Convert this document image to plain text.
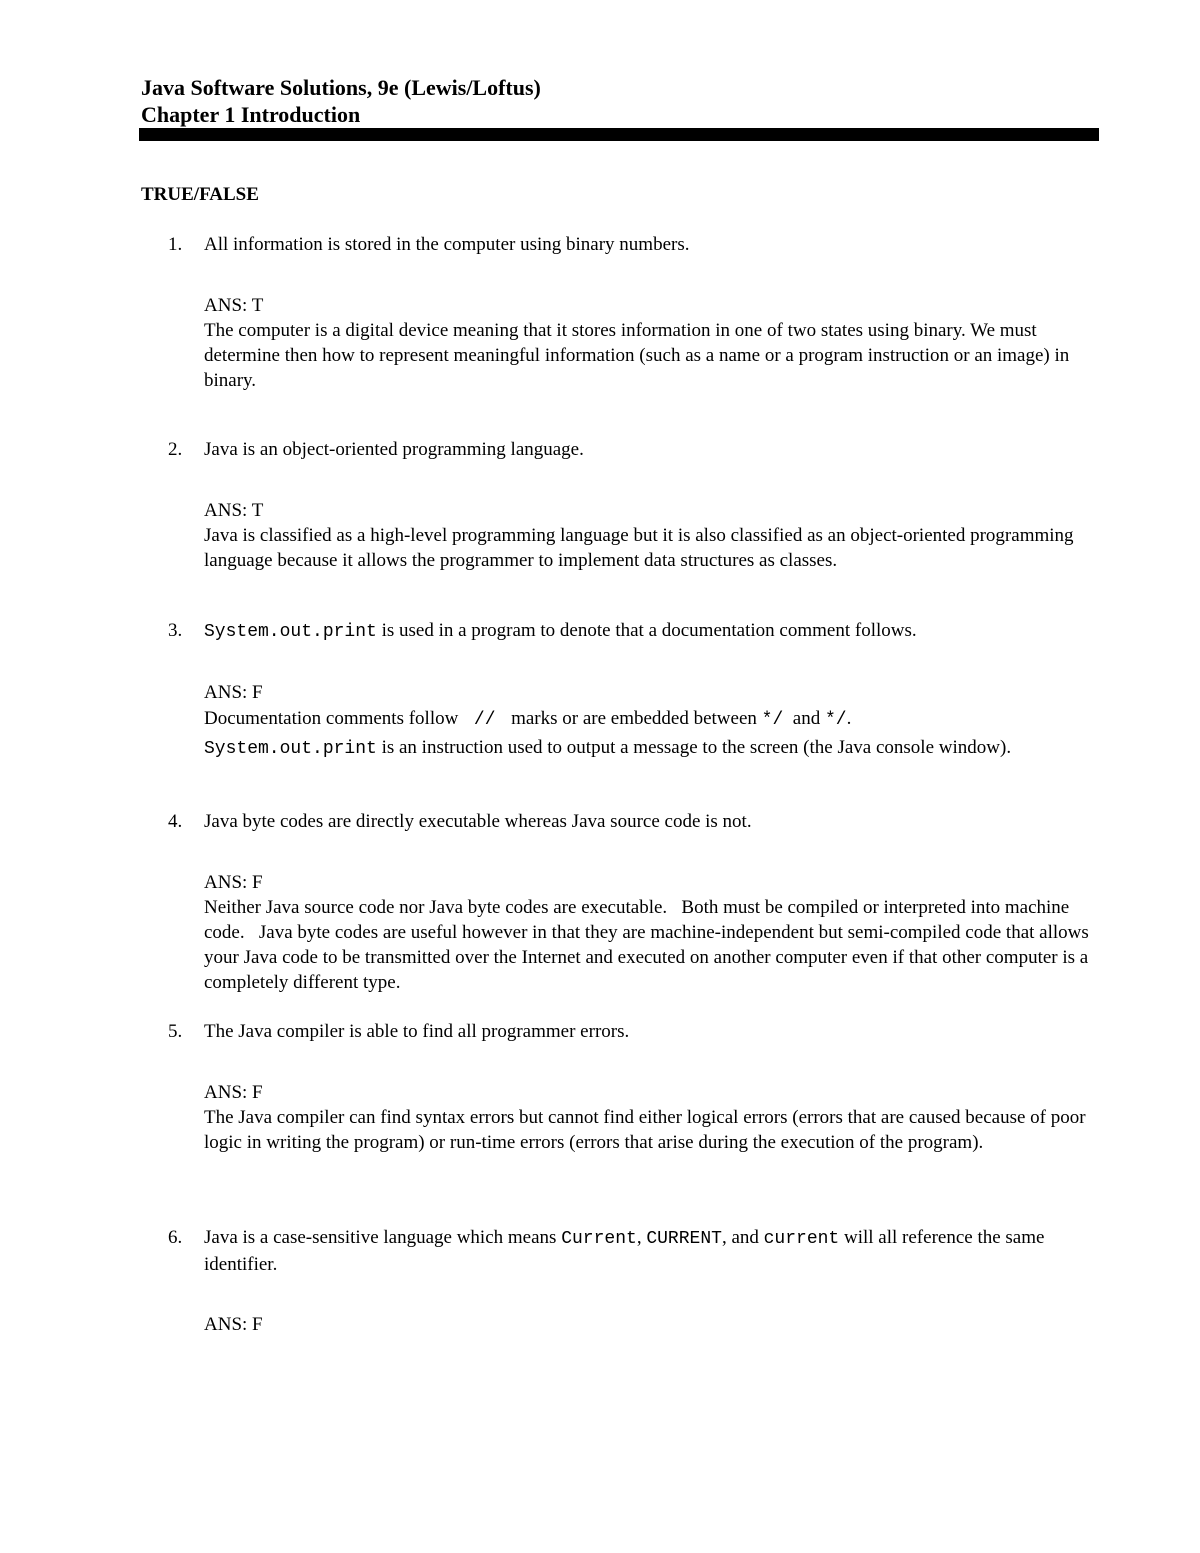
Java Software Solutions, 9e (Lewis/Loftus)
Chapter 1 Introduction
TRUE/FALSE
1. All information is stored in the computer using binary numbers.
ANS: T
The computer is a digital device meaning that it stores information in one of two states using binary. We must determine then how to represent meaningful information (such as a name or a program instruction or an image) in binary.
2. Java is an object-oriented programming language.
ANS: T
Java is classified as a high-level programming language but it is also classified as an object-oriented programming language because it allows the programmer to implement data structures as classes.
3. System.out.print is used in a program to denote that a documentation comment follows.
ANS: F
Documentation comments follow  //  marks or are embedded between */  and */.
System.out.print is an instruction used to output a message to the screen (the Java console window).
4. Java byte codes are directly executable whereas Java source code is not.
ANS: F
Neither Java source code nor Java byte codes are executable.   Both must be compiled or interpreted into machine code.   Java byte codes are useful however in that they are machine-independent but semi-compiled code that allows your Java code to be transmitted over the Internet and executed on another computer even if that other computer is a completely different type.
5. The Java compiler is able to find all programmer errors.
ANS: F
The Java compiler can find syntax errors but cannot find either logical errors (errors that are caused because of poor logic in writing the program) or run-time errors (errors that arise during the execution of the program).
6. Java is a case-sensitive language which means Current, CURRENT, and current will all reference the same identifier.
ANS: F
